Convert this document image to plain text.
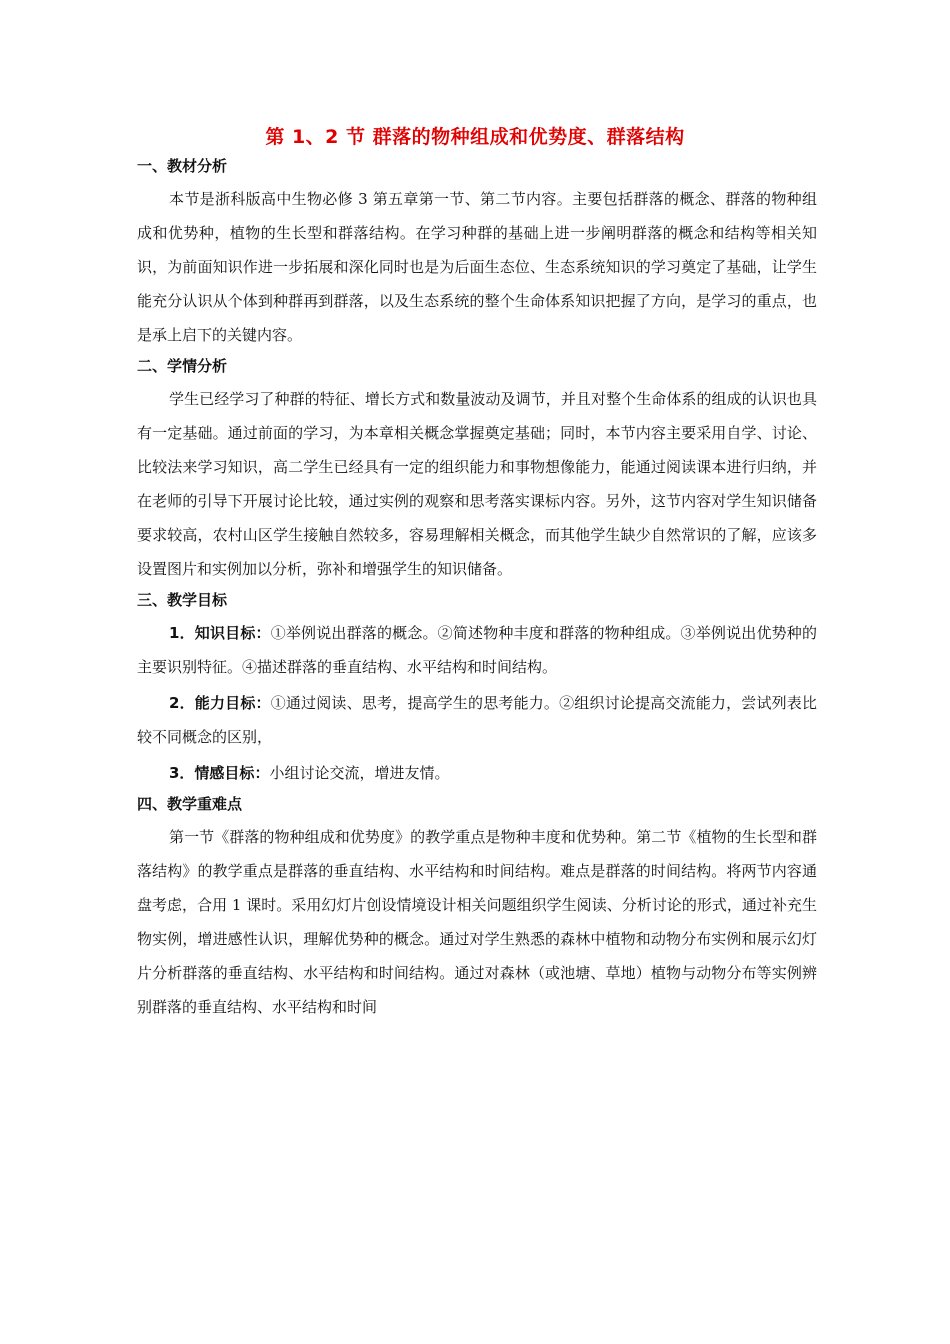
第 1、2 节 群落的物种组成和优势度、群落结构
一、教材分析

本节是浙科版高中生物必修 3 第五章第一节、第二节内容。主要包括群落的概念、群落的物种组成和优势种，植物的生长型和群落结构。在学习种群的基础上进一步阐明群落的概念和结构等相关知识，为前面知识作进一步拓展和深化同时也是为后面生态位、生态系统知识的学习奠定了基础，让学生能充分认识从个体到种群再到群落，以及生态系统的整个生命体系知识把握了方向，是学习的重点，也是承上启下的关键内容。

二、学情分析

学生已经学习了种群的特征、增长方式和数量波动及调节，并且对整个生命体系的组成的认识也具有一定基础。通过前面的学习，为本章相关概念掌握奠定基础；同时，本节内容主要采用自学、讨论、比较法来学习知识，高二学生已经具有一定的组织能力和事物想像能力，能通过阅读课本进行归纳，并在老师的引导下开展讨论比较，通过实例的观察和思考落实课标内容。另外，这节内容对学生知识储备要求较高，农村山区学生接触自然较多，容易理解相关概念，而其他学生缺少自然常识的了解，应该多设置图片和实例加以分析，弥补和增强学生的知识储备。

三、教学目标

1．知识目标：①举例说出群落的概念。②简述物种丰度和群落的物种组成。③举例说出优势种的主要识别特征。④描述群落的垂直结构、水平结构和时间结构。

2．能力目标：①通过阅读、思考，提高学生的思考能力。②组织讨论提高交流能力，尝试列表比较不同概念的区别，

3．情感目标：小组讨论交流，增进友情。

四、教学重难点

第一节《群落的物种组成和优势度》的教学重点是物种丰度和优势种。第二节《植物的生长型和群落结构》的教学重点是群落的垂直结构、水平结构和时间结构。难点是群落的时间结构。将两节内容通盘考虑，合用 1 课时。采用幻灯片创设情境设计相关问题组织学生阅读、分析讨论的形式，通过补充生物实例，增进感性认识，理解优势种的概念。通过对学生熟悉的森林中植物和动物分布实例和展示幻灯片分析群落的垂直结构、水平结构和时间结构。通过对森林（或池塘、草地）植物与动物分布等实例辨别群落的垂直结构、水平结构和时间
